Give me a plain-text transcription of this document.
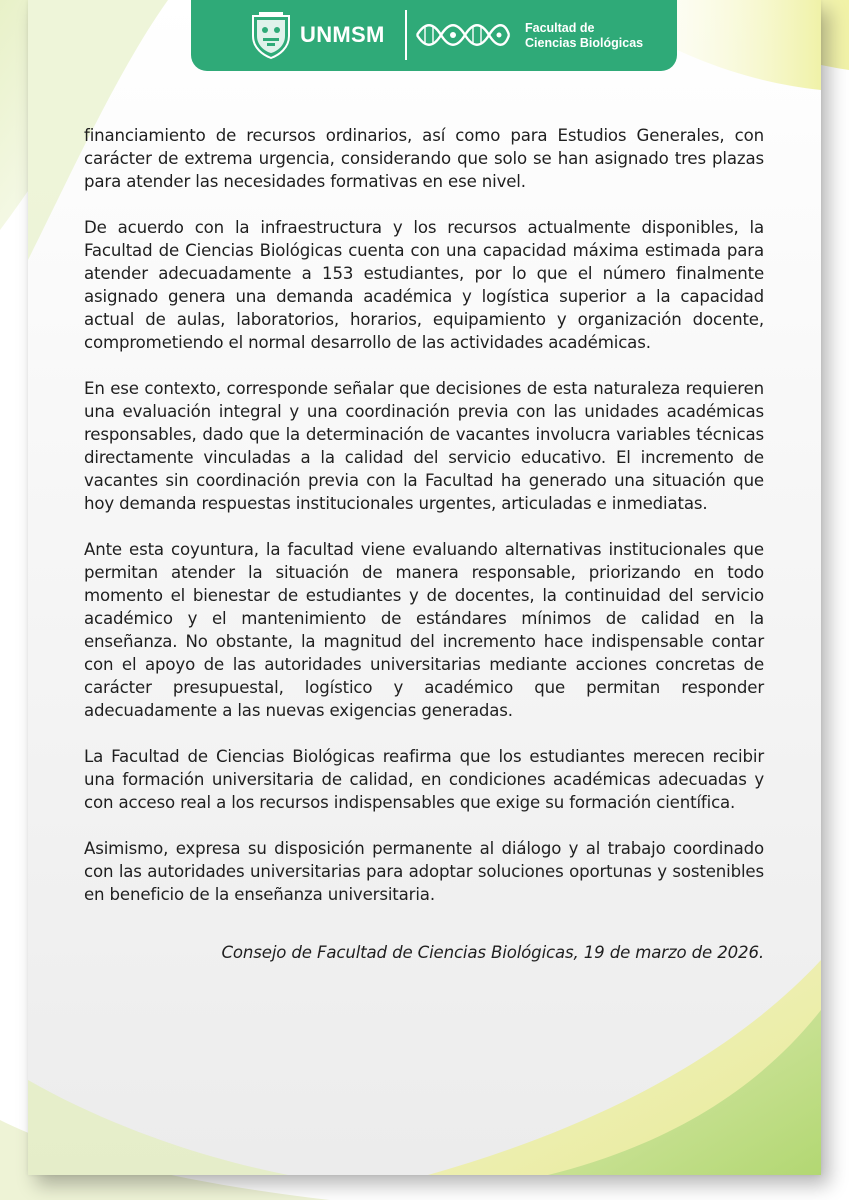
UNMSM	Facultad de
Ciencias Biológicas

financiamiento de recursos ordinarios, así como para Estudios Generales, con carácter de extrema urgencia, considerando que solo se han asignado tres plazas para atender las necesidades formativas en ese nivel.

De acuerdo con la infraestructura y los recursos actualmente disponibles, la Facultad de Ciencias Biológicas cuenta con una capacidad máxima estimada para atender adecuadamente a 153 estudiantes, por lo que el número finalmente asignado genera una demanda académica y logística superior a la capacidad actual de aulas, laboratorios, horarios, equipamiento y organización docente, comprometiendo el normal desarrollo de las actividades académicas.

En ese contexto, corresponde señalar que decisiones de esta naturaleza requieren una evaluación integral y una coordinación previa con las unidades académicas responsables, dado que la determinación de vacantes involucra variables técnicas directamente vinculadas a la calidad del servicio educativo. El incremento de vacantes sin coordinación previa con la Facultad ha generado una situación que hoy demanda respuestas institucionales urgentes, articuladas e inmediatas.

Ante esta coyuntura, la facultad viene evaluando alternativas institucionales que permitan atender la situación de manera responsable, priorizando en todo momento el bienestar de estudiantes y de docentes, la continuidad del servicio académico y el mantenimiento de estándares mínimos de calidad en la enseñanza. No obstante, la magnitud del incremento hace indispensable contar con el apoyo de las autoridades universitarias mediante acciones concretas de carácter presupuestal, logístico y académico que permitan responder adecuadamente a las nuevas exigencias generadas.

La Facultad de Ciencias Biológicas reafirma que los estudiantes merecen recibir una formación universitaria de calidad, en condiciones académicas adecuadas y con acceso real a los recursos indispensables que exige su formación científica.

Asimismo, expresa su disposición permanente al diálogo y al trabajo coordinado con las autoridades universitarias para adoptar soluciones oportunas y sostenibles en beneficio de la enseñanza universitaria.

Consejo de Facultad de Ciencias Biológicas, 19 de marzo de 2026.
